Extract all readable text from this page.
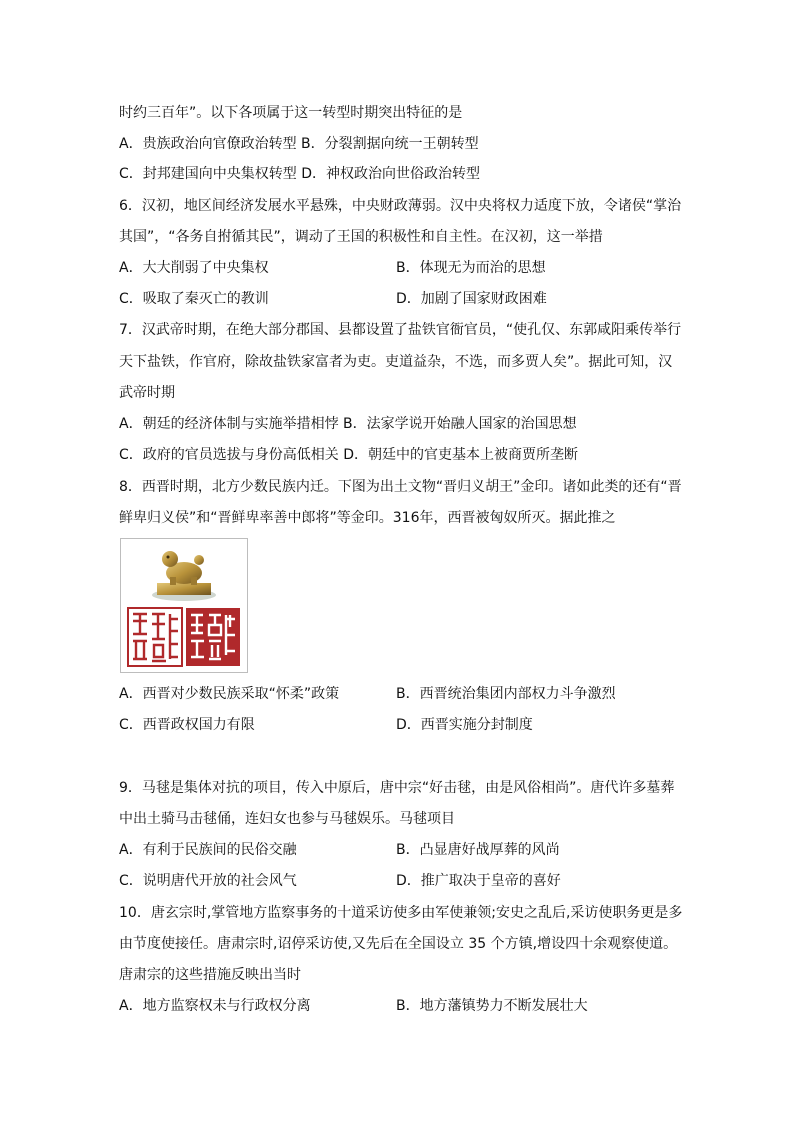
时约三百年”。以下各项属于这一转型时期突出特征的是
A．贵族政治向官僚政治转型 B．分裂割据向统一王朝转型
C．封邦建国向中央集权转型 D．神权政治向世俗政治转型
6．汉初，地区间经济发展水平悬殊，中央财政薄弱。汉中央将权力适度下放，令诸侯“掌治
其国”，“各务自拊循其民”，调动了王国的积极性和自主性。在汉初，这一举措
A．大大削弱了中央集权	B．体现无为而治的思想
C．吸取了秦灭亡的教训	D．加剧了国家财政困难
7．汉武帝时期，在绝大部分郡国、县都设置了盐铁官衙官员，“使孔仅、东郭咸阳乘传举行
天下盐铁，作官府，除故盐铁家富者为吏。吏道益杂，不选，而多贾人矣”。据此可知，汉
武帝时期
A．朝廷的经济体制与实施举措相悖 B．法家学说开始融人国家的治国思想
C．政府的官员选拔与身份高低相关 D．朝廷中的官吏基本上被商贾所垄断
8．西晋时期，北方少数民族内迁。下图为出土文物“晋归义胡王”金印。诸如此类的还有“晋
鲜卑归义侯”和“晋鲜卑率善中郎将”等金印。316年，西晋被匈奴所灭。据此推之
A．西晋对少数民族采取“怀柔”政策	B．西晋统治集团内部权力斗争激烈
C．西晋政权国力有限	D．西晋实施分封制度
9．马毬是集体对抗的项目，传入中原后，唐中宗“好击毬，由是风俗相尚”。唐代许多墓葬
中出土骑马击毬俑，连妇女也参与马毬娱乐。马毬项目
A．有利于民族间的民俗交融	B．凸显唐好战厚葬的风尚
C．说明唐代开放的社会风气	D．推广取决于皇帝的喜好
10．唐玄宗时,掌管地方监察事务的十道采访使多由军使兼领;安史之乱后,采访使职务更是多
由节度使接任。唐肃宗时,诏停采访使,又先后在全国设立 35 个方镇,增设四十余观察使道。
唐肃宗的这些措施反映出当时
A．地方监察权未与行政权分离	B．地方藩镇势力不断发展壮大
